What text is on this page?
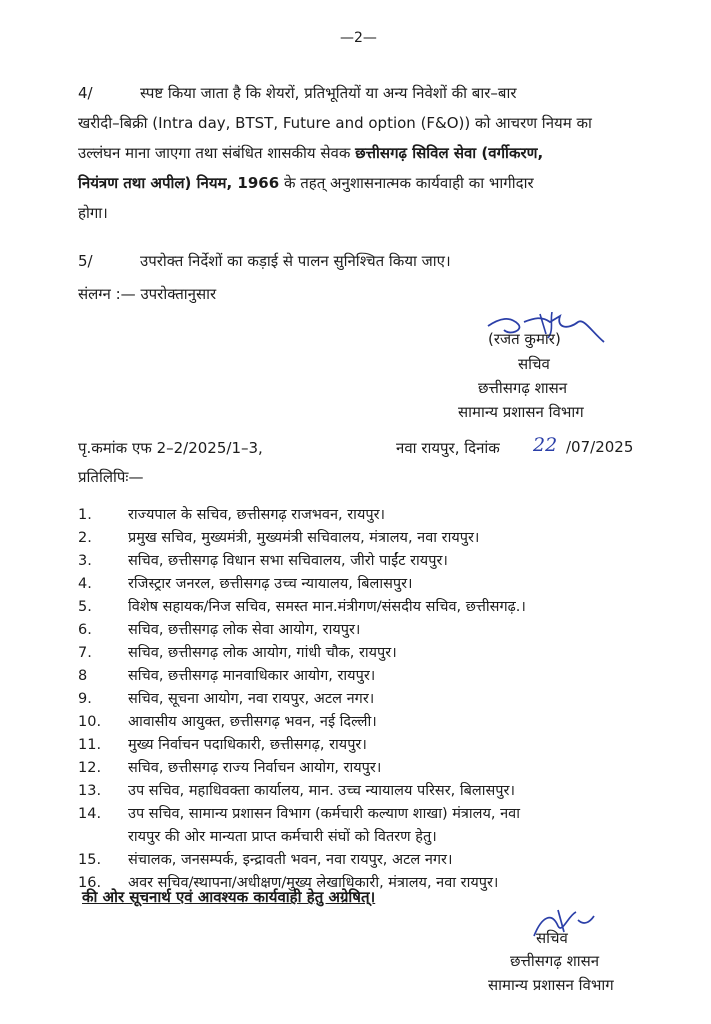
—2—
4/	स्पष्ट किया जाता है कि शेयरों, प्रतिभूतियों या अन्य निवेशों की बार–बार
खरीदी–बिक्री (Intra day, BTST, Future and option (F&O)) को आचरण नियम का
उल्लंघन माना जाएगा तथा संबंधित शासकीय सेवक छत्तीसगढ़ सिविल सेवा (वर्गीकरण,
नियंत्रण तथा अपील) नियम, 1966 के तहत् अनुशासनात्मक कार्यवाही का भागीदार
होगा।
5/	उपरोक्त निर्देशों का कड़ाई से पालन सुनिश्चित किया जाए।
संलग्न :— उपरोक्तानुसार
(रजत कुमार)
सचिव
छत्तीसगढ़ शासन
सामान्य प्रशासन विभाग
पृ.कमांक एफ 2–2/2025/1–3,	नवा रायपुर, दिनांक 22 /07/2025
प्रतिलिपिः—
1.	राज्यपाल के सचिव, छत्तीसगढ़ राजभवन, रायपुर।
2.	प्रमुख सचिव, मुख्यमंत्री, मुख्यमंत्री सचिवालय, मंत्रालय, नवा रायपुर।
3.	सचिव, छत्तीसगढ़ विधान सभा सचिवालय, जीरो पाईंट रायपुर।
4.	रजिस्ट्रार जनरल, छत्तीसगढ़ उच्च न्यायालय, बिलासपुर।
5.	विशेष सहायक/निज सचिव, समस्त मान.मंत्रीगण/संसदीय सचिव, छत्तीसगढ़.।
6.	सचिव, छत्तीसगढ़ लोक सेवा आयोग, रायपुर।
7.	सचिव, छत्तीसगढ़ लोक आयोग, गांधी चौक, रायपुर।
8	सचिव, छत्तीसगढ़ मानवाधिकार आयोग, रायपुर।
9.	सचिव, सूचना आयोग, नवा रायपुर, अटल नगर।
10.	आवासीय आयुक्त, छत्तीसगढ़ भवन, नई दिल्ली।
11.	मुख्य निर्वाचन पदाधिकारी, छत्तीसगढ़, रायपुर।
12.	सचिव, छत्तीसगढ़ राज्य निर्वाचन आयोग, रायपुर।
13.	उप सचिव, महाधिवक्ता कार्यालय, मान. उच्च न्यायालय परिसर, बिलासपुर।
14.	उप सचिव, सामान्य प्रशासन विभाग (कर्मचारी कल्याण शाखा) मंत्रालय, नवा
रायपुर की ओर मान्यता प्राप्त कर्मचारी संघों को वितरण हेतु।
15.	संचालक, जनसम्पर्क, इन्द्रावती भवन, नवा रायपुर, अटल नगर।
16.	अवर सचिव/स्थापना/अधीक्षण/मुख्य लेखाधिकारी, मंत्रालय, नवा रायपुर।
की ओर सूचनार्थ एवं आवश्यक कार्यवाही हेतु अग्रेषित्।
सचिव
छत्तीसगढ़ शासन
सामान्य प्रशासन विभाग
